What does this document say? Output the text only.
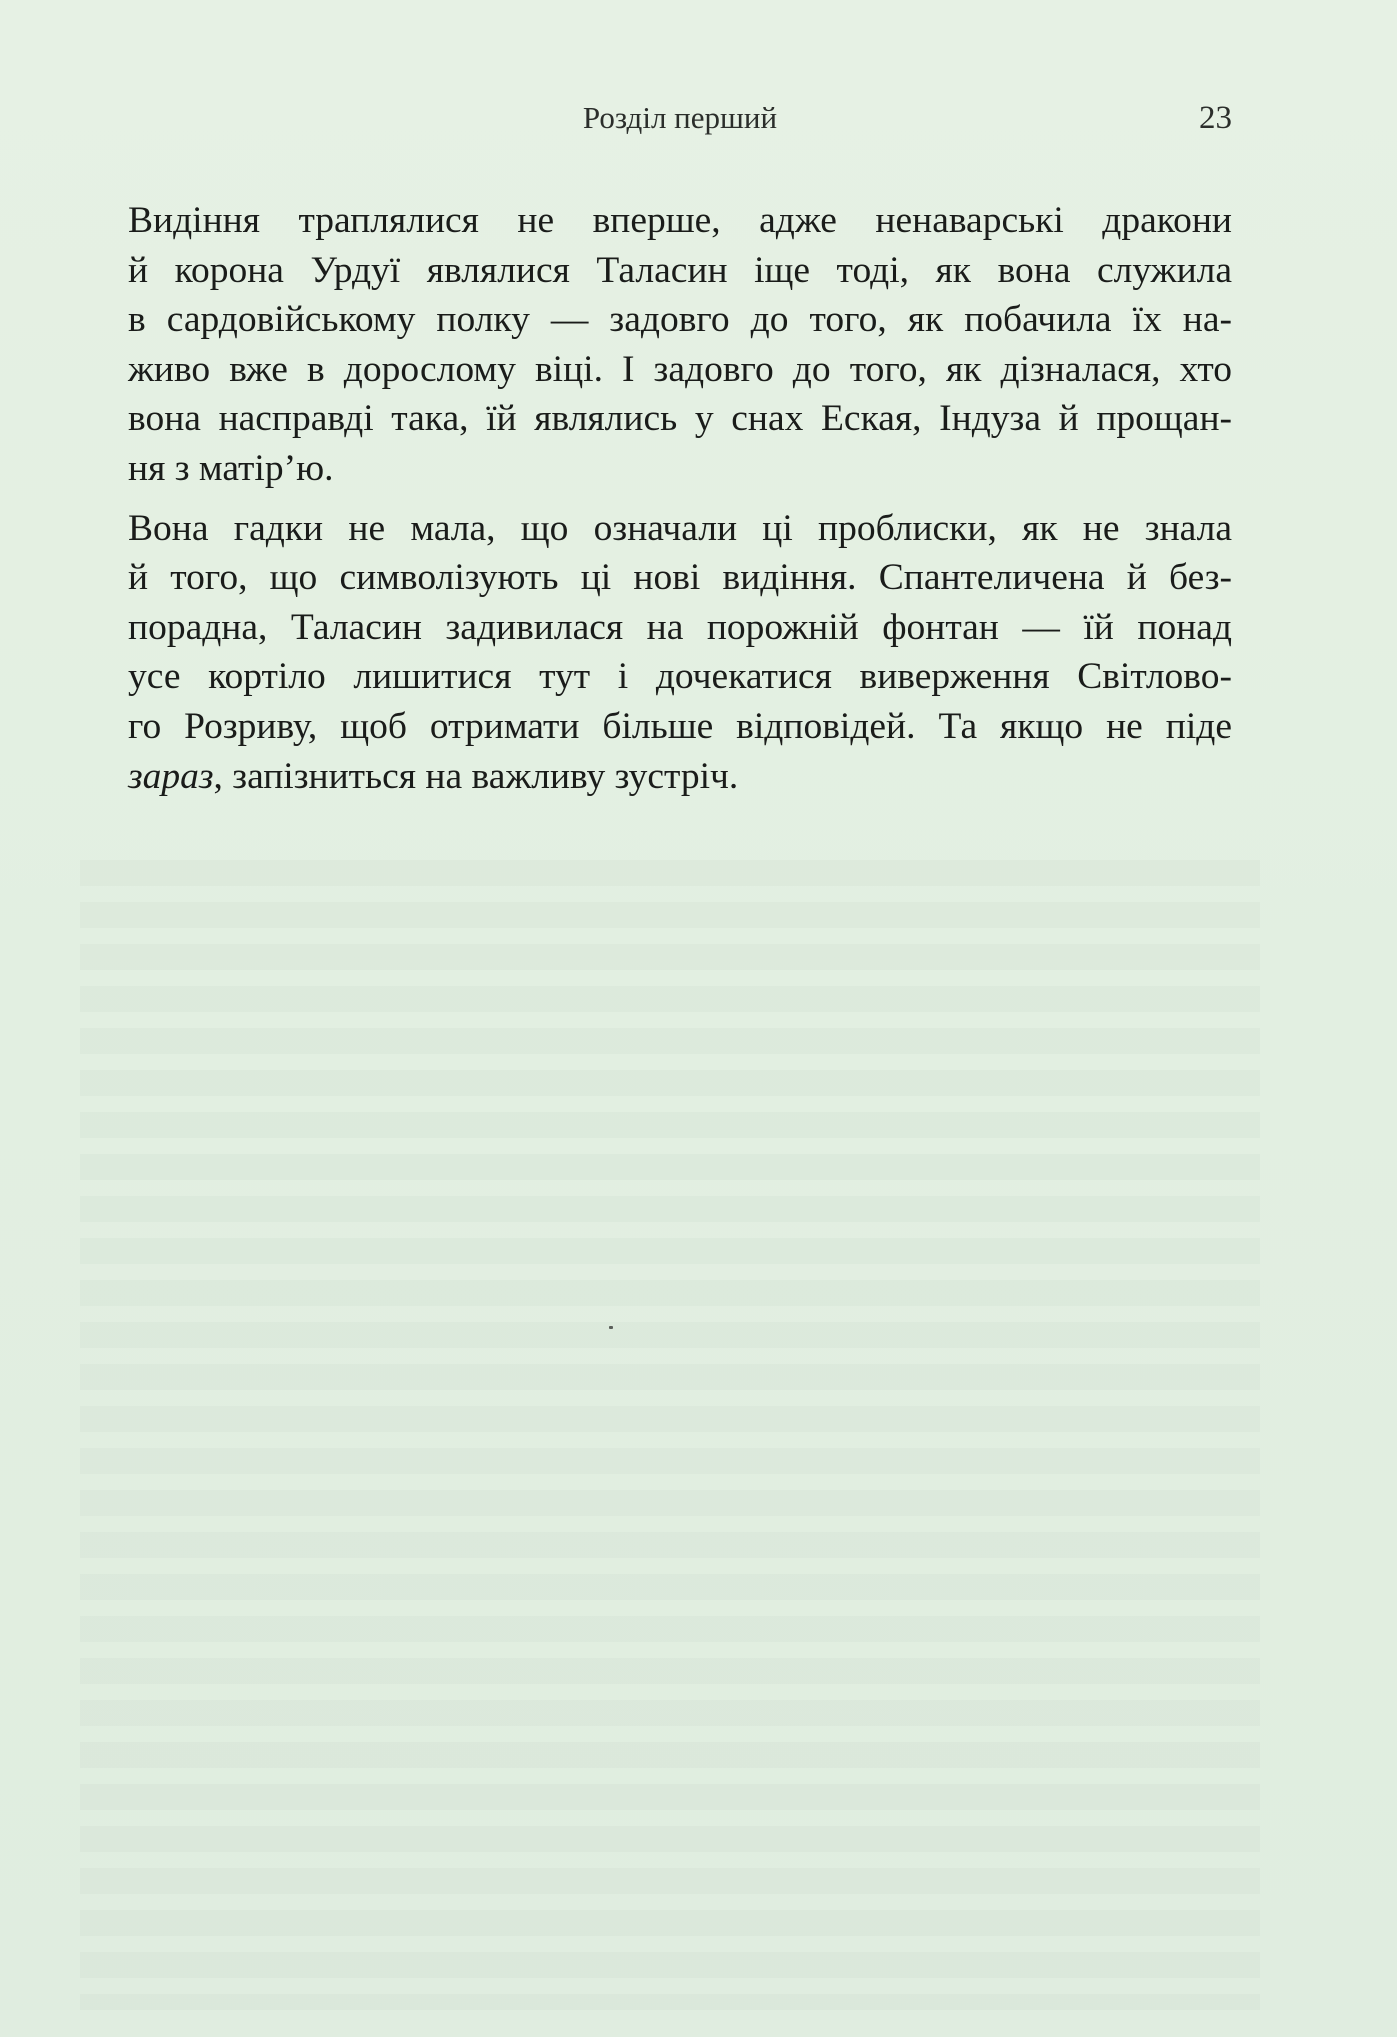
Розділ перший	23

Видіння траплялися не вперше, адже ненаварські дракони
й корона Урдуї являлися Таласин іще тоді, як вона служила
в сардовійському полку — задовго до того, як побачила їх на-
живо вже в дорослому віці. І задовго до того, як дізналася, хто
вона насправді така, їй являлись у снах Еская, Індуза й прощан-
ня з матір’ю.

Вона гадки не мала, що означали ці проблиски, як не знала
й того, що символізують ці нові видіння. Спантеличена й без-
порадна, Таласин задивилася на порожній фонтан — їй понад
усе кортіло лишитися тут і дочекатися виверження Світлово-
го Розриву, щоб отримати більше відповідей. Та якщо не піде
зараз, запізниться на важливу зустріч.
